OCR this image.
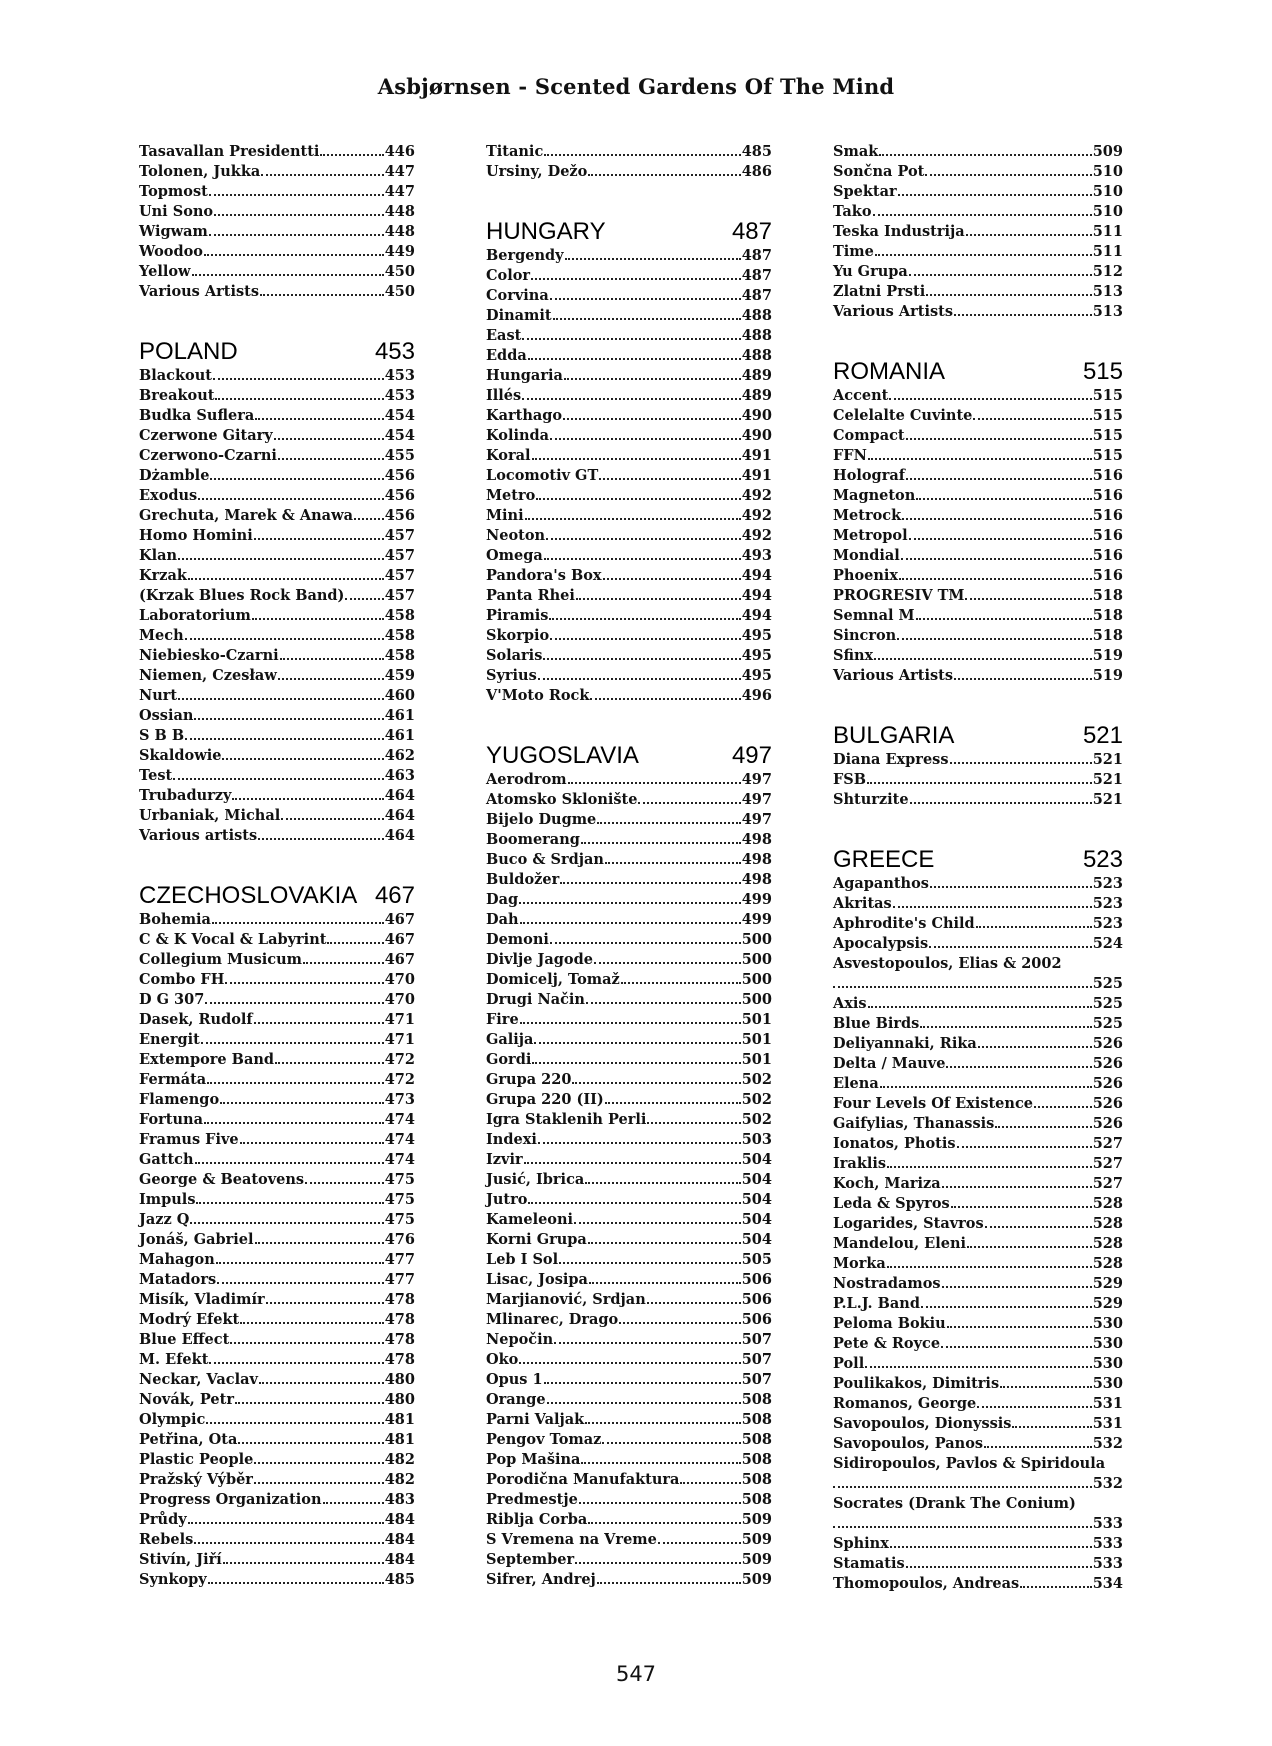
Asbjørnsen - Scented Gardens Of The Mind
Tasavallan Presidentti	446
Tolonen, Jukka	447
Topmost	447
Uni Sono	448
Wigwam	448
Woodoo	449
Yellow	450
Various Artists	450
POLAND	453
Blackout	453
Breakout	453
Budka Suflera	454
Czerwone Gitary	454
Czerwono-Czarni	455
Dżamble	456
Exodus	456
Grechuta, Marek & Anawa 456
Homo Homini	457
Klan	457
Krzak	457
(Krzak Blues Rock Band)	457
Laboratorium	458
Mech	458
Niebiesko-Czarni	458
Niemen, Czesław	459
Nurt	460
Ossian	461
S B B	461
Skaldowie	462
Test	463
Trubadurzy	464
Urbaniak, Michal	464
Various artists	464
CZECHOSLOVAKIA 467
Bohemia	467
C & K Vocal & Labyrint	467
Collegium Musicum	467
Combo FH	470
D G 307	470
Dasek, Rudolf	471
Energit	471
Extempore Band	472
Fermáta	472
Flamengo	473
Fortuna	474
Framus Five	474
Gattch	474
George & Beatovens	475
Impuls	475
Jazz Q	475
Jonáš, Gabriel	476
Mahagon	477
Matadors	477
Misík, Vladimír	478
Modrý Efekt	478
Blue Effect	478
M. Efekt	478
Neckar, Vaclav	480
Novák, Petr	480
Olympic	481
Petřina, Ota	481
Plastic People	482
Pražský Výběr	482
Progress Organization	483
Průdy	484
Rebels	484
Stivín, Jiří	484
Synkopy	485
Titanic	485
Ursiny, Dežo	486
HUNGARY	487
Bergendy	487
Color	487
Corvina	487
Dinamit	488
East	488
Edda	488
Hungaria	489
Illés	489
Karthago	490
Kolinda	490
Koral	491
Locomotiv GT	491
Metro	492
Mini	492
Neoton	492
Omega	493
Pandora's Box	494
Panta Rhei	494
Piramis	494
Skorpio	495
Solaris	495
Syrius	495
V'Moto Rock	496
YUGOSLAVIA	497
Aerodrom	497
Atomsko Sklonište	497
Bijelo Dugme	497
Boomerang	498
Buco & Srdjan	498
Buldožer	498
Dag	499
Dah	499
Demoni	500
Divlje Jagode	500
Domicelj, Tomaž	500
Drugi Način	500
Fire	501
Galija	501
Gordi	501
Grupa 220	502
Grupa 220 (II)	502
Igra Staklenih Perli	502
Indexi	503
Izvir	504
Jusić, Ibrica	504
Jutro	504
Kameleoni	504
Korni Grupa	504
Leb I Sol	505
Lisac, Josipa	506
Marjianović, Srdjan	506
Mlinarec, Drago	506
Nepočin	507
Oko	507
Opus 1	507
Orange	508
Parni Valjak	508
Pengov Tomaz	508
Pop Mašina	508
Porodična Manufaktura	508
Predmestje	508
Riblja Corba	509
S Vremena na Vreme	509
September	509
Sifrer, Andrej	509
Smak	509
Sončna Pot	510
Spektar	510
Tako	510
Teska Industrija	511
Time	511
Yu Grupa	512
Zlatni Prsti	513
Various Artists	513
ROMANIA	515
Accent	515
Celelalte Cuvinte	515
Compact	515
FFN	515
Holograf	516
Magneton	516
Metrock	516
Metropol	516
Mondial	516
Phoenix	516
PROGRESIV TM	518
Semnal M	518
Sincron	518
Sfinx	519
Various Artists	519
BULGARIA	521
Diana Express	521
FSB	521
Shturzite	521
GREECE	523
Agapanthos	523
Akritas	523
Aphrodite's Child	523
Apocalypsis	524
Asvestopoulos, Elias & 2002
525
Axis	525
Blue Birds	525
Deliyannaki, Rika	526
Delta / Mauve	526
Elena	526
Four Levels Of Existence	526
Gaifylias, Thanassis	526
Ionatos, Photis	527
Iraklis	527
Koch, Mariza	527
Leda & Spyros	528
Logarides, Stavros	528
Mandelou, Eleni	528
Morka	528
Nostradamos	529
P.L.J. Band	529
Peloma Bokiu	530
Pete & Royce	530
Poll	530
Poulikakos, Dimitris	530
Romanos, George	531
Savopoulos, Dionyssis	531
Savopoulos, Panos	532
Sidiropoulos, Pavlos & Spiridoula
532
Socrates (Drank The Conium)
533
Sphinx	533
Stamatis	533
Thomopoulos, Andreas	534
547
